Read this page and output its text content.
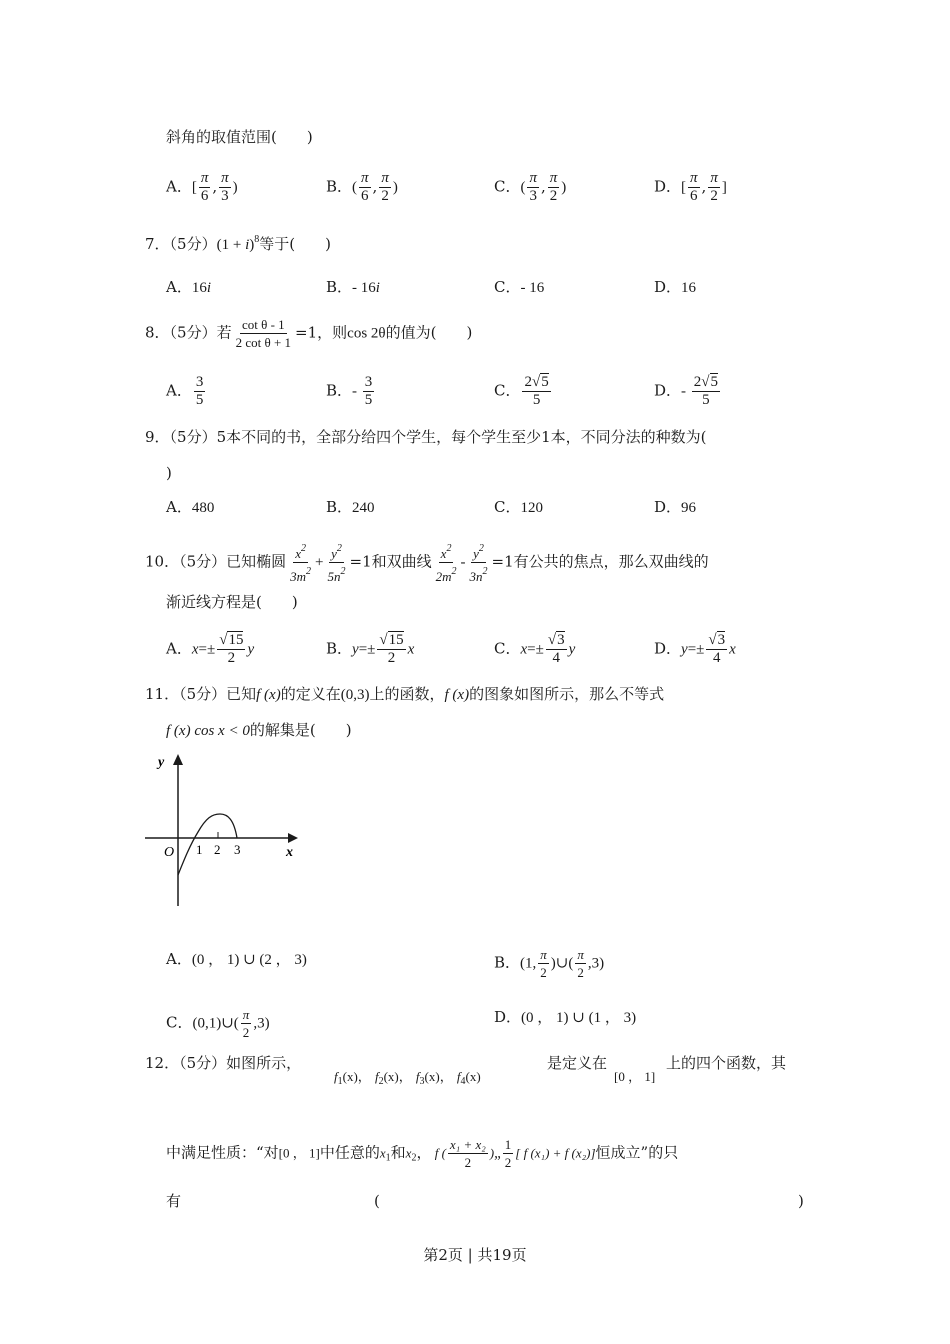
斜角的取值范围(　　)
A．[ $\frac{\pi}{6}$ , $\frac{\pi}{3}$ )	B．( $\frac{\pi}{6}$ , $\frac{\pi}{2}$ )	C．( $\frac{\pi}{3}$ , $\frac{\pi}{2}$ )	D．[ $\frac{\pi}{6}$ , $\frac{\pi}{2}$ ]
7．（5分）$(1 + i)^8$等于(　　)
A．16i	B．- 16i	C．- 16	D．16
8．（5分）若 $\frac{\text{cot θ - 1}}{\text{2 cot θ + 1}} =1$，则cos 2θ的值为(　　)
A． $\frac{3}{5}$	B．- $\frac{3}{5}$	C． $\frac{2√5}{5}$	D．- $\frac{2√5}{5}$
9．（5分）5本不同的书，全部分给四个学生，每个学生至少1本，不同分法的种数为(
)
A．480	B．240	C．120	D．96
10．（5分）已知椭圆 $\frac{x^2}{3m^2} + \frac{y^2}{5n^2} =1$和双曲线 $\frac{x^2}{2m^2} - \frac{y^2}{3n^2} =1$有公共的焦点，那么双曲线的
渐近线方程是(　　)
A．$x=\pm \frac{√15}{2}$ y	B．$y=\pm \frac{√15}{2}$ x	C．$x=\pm \frac{√3}{4}$ y	D．$y=\pm \frac{√3}{4}$ x
11．（5分）已知f (x)的定义在(0,3)上的函数，f (x)的图象如图所示，那么不等式
f (x) cos x < 0的解集是(　　)
O
y
x
1 2 3
A．(0 ， 1) ∪ (2 ， 3)	B．(1, $\frac{\pi}{2}$ )∪( $\frac{\pi}{2} ,3$)
C．(0,1)∪( $\frac{\pi}{2} ,3$)	D．(0 ， 1) ∪ (1 ， 3)
12．（5分）如图所示，
$f_1(x)$， $f_2(x)$， $f_3(x)$， $f_4(x)$
是定义在
[0 ， 1]
上的四个函数，其
中满足性质：“对[0 ， 1]中任意的$x_1$和$x_2$， f ( $\frac{\text{x₁ + x₂}}{2}$ )„ $\frac{1}{2}$ [ f (x₁) + f (x₂)]恒成立”的只
有	(	)
第2页 | 共19页
